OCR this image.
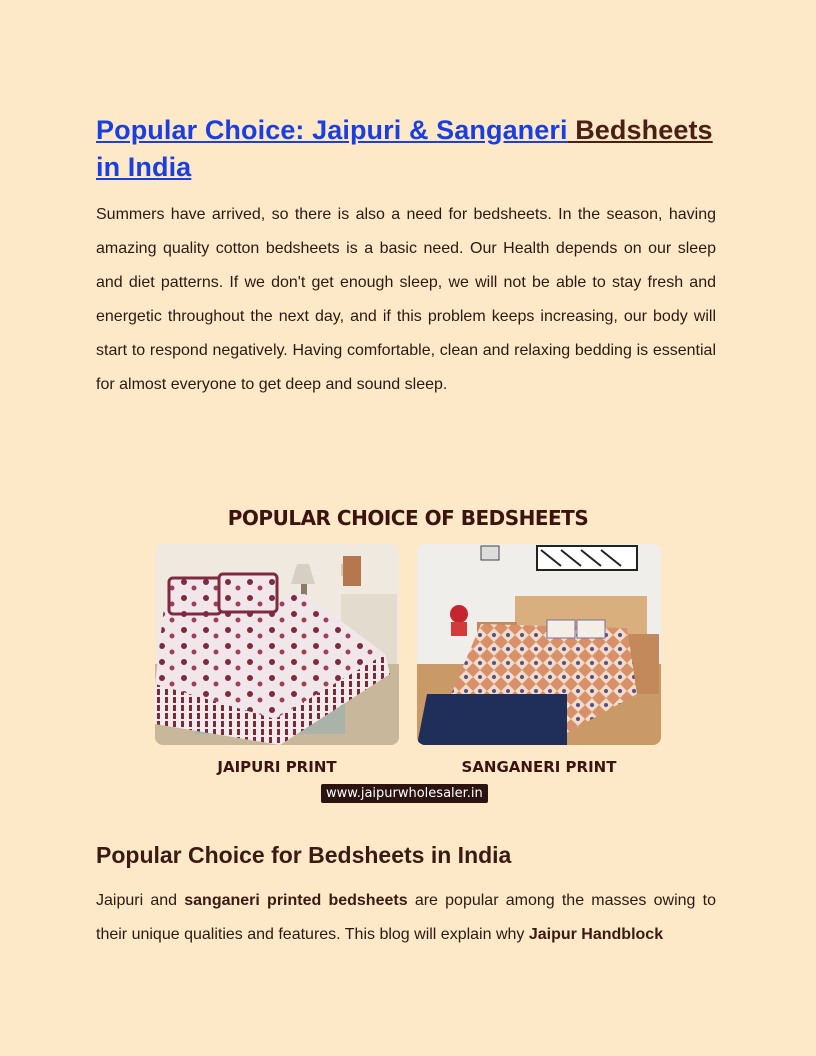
Popular Choice: Jaipuri & Sanganeri Bedsheets in India

Summers have arrived, so there is also a need for bedsheets. In the season, having amazing quality cotton bedsheets is a basic need. Our Health depends on our sleep and diet patterns. If we don't get enough sleep, we will not be able to stay fresh and energetic throughout the next day, and if this problem keeps increasing, our body will start to respond negatively. Having comfortable, clean and relaxing bedding is essential for almost everyone to get deep and sound sleep.

POPULAR CHOICE OF BEDSHEETS
JAIPURI PRINT	SANGANERI PRINT
www.jaipurwholesaler.in
Popular Choice for Bedsheets in India

Jaipuri and sanganeri printed bedsheets are popular among the masses owing to their unique qualities and features. This blog will explain why Jaipur Handblock
